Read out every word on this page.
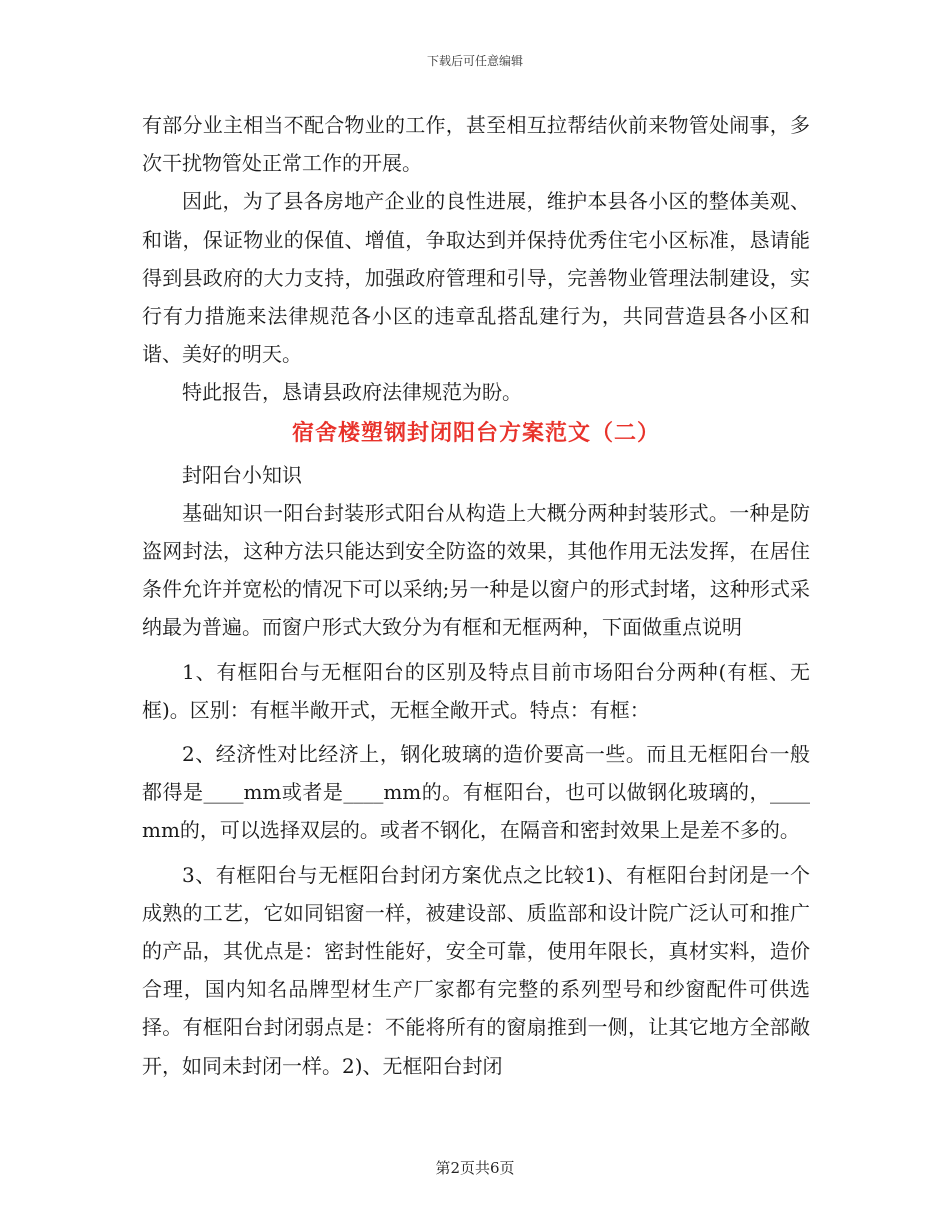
下载后可任意编辑

有部分业主相当不配合物业的工作，甚至相互拉帮结伙前来物管处闹事，多次干扰物管处正常工作的开展。

因此，为了县各房地产企业的良性进展，维护本县各小区的整体美观、和谐，保证物业的保值、增值，争取达到并保持优秀住宅小区标准，恳请能得到县政府的大力支持，加强政府管理和引导，完善物业管理法制建设，实行有力措施来法律规范各小区的违章乱搭乱建行为，共同营造县各小区和谐、美好的明天。

特此报告，恳请县政府法律规范为盼。

宿舍楼塑钢封闭阳台方案范文（二）

封阳台小知识

基础知识一阳台封装形式阳台从构造上大概分两种封装形式。一种是防盗网封法，这种方法只能达到安全防盗的效果，其他作用无法发挥，在居住条件允许并宽松的情况下可以采纳;另一种是以窗户的形式封堵，这种形式采纳最为普遍。而窗户形式大致分为有框和无框两种，下面做重点说明

1、有框阳台与无框阳台的区别及特点目前市场阳台分两种(有框、无框)。区别：有框半敞开式，无框全敞开式。特点：有框：

2、经济性对比经济上，钢化玻璃的造价要高一些。而且无框阳台一般都得是____mm或者是____mm的。有框阳台，也可以做钢化玻璃的，____mm的，可以选择双层的。或者不钢化，在隔音和密封效果上是差不多的。

3、有框阳台与无框阳台封闭方案优点之比较1)、有框阳台封闭是一个成熟的工艺，它如同铝窗一样，被建设部、质监部和设计院广泛认可和推广的产品，其优点是：密封性能好，安全可靠，使用年限长，真材实料，造价合理，国内知名品牌型材生产厂家都有完整的系列型号和纱窗配件可供选择。有框阳台封闭弱点是：不能将所有的窗扇推到一侧，让其它地方全部敞开，如同未封闭一样。2)、无框阳台封闭

第2页共6页
